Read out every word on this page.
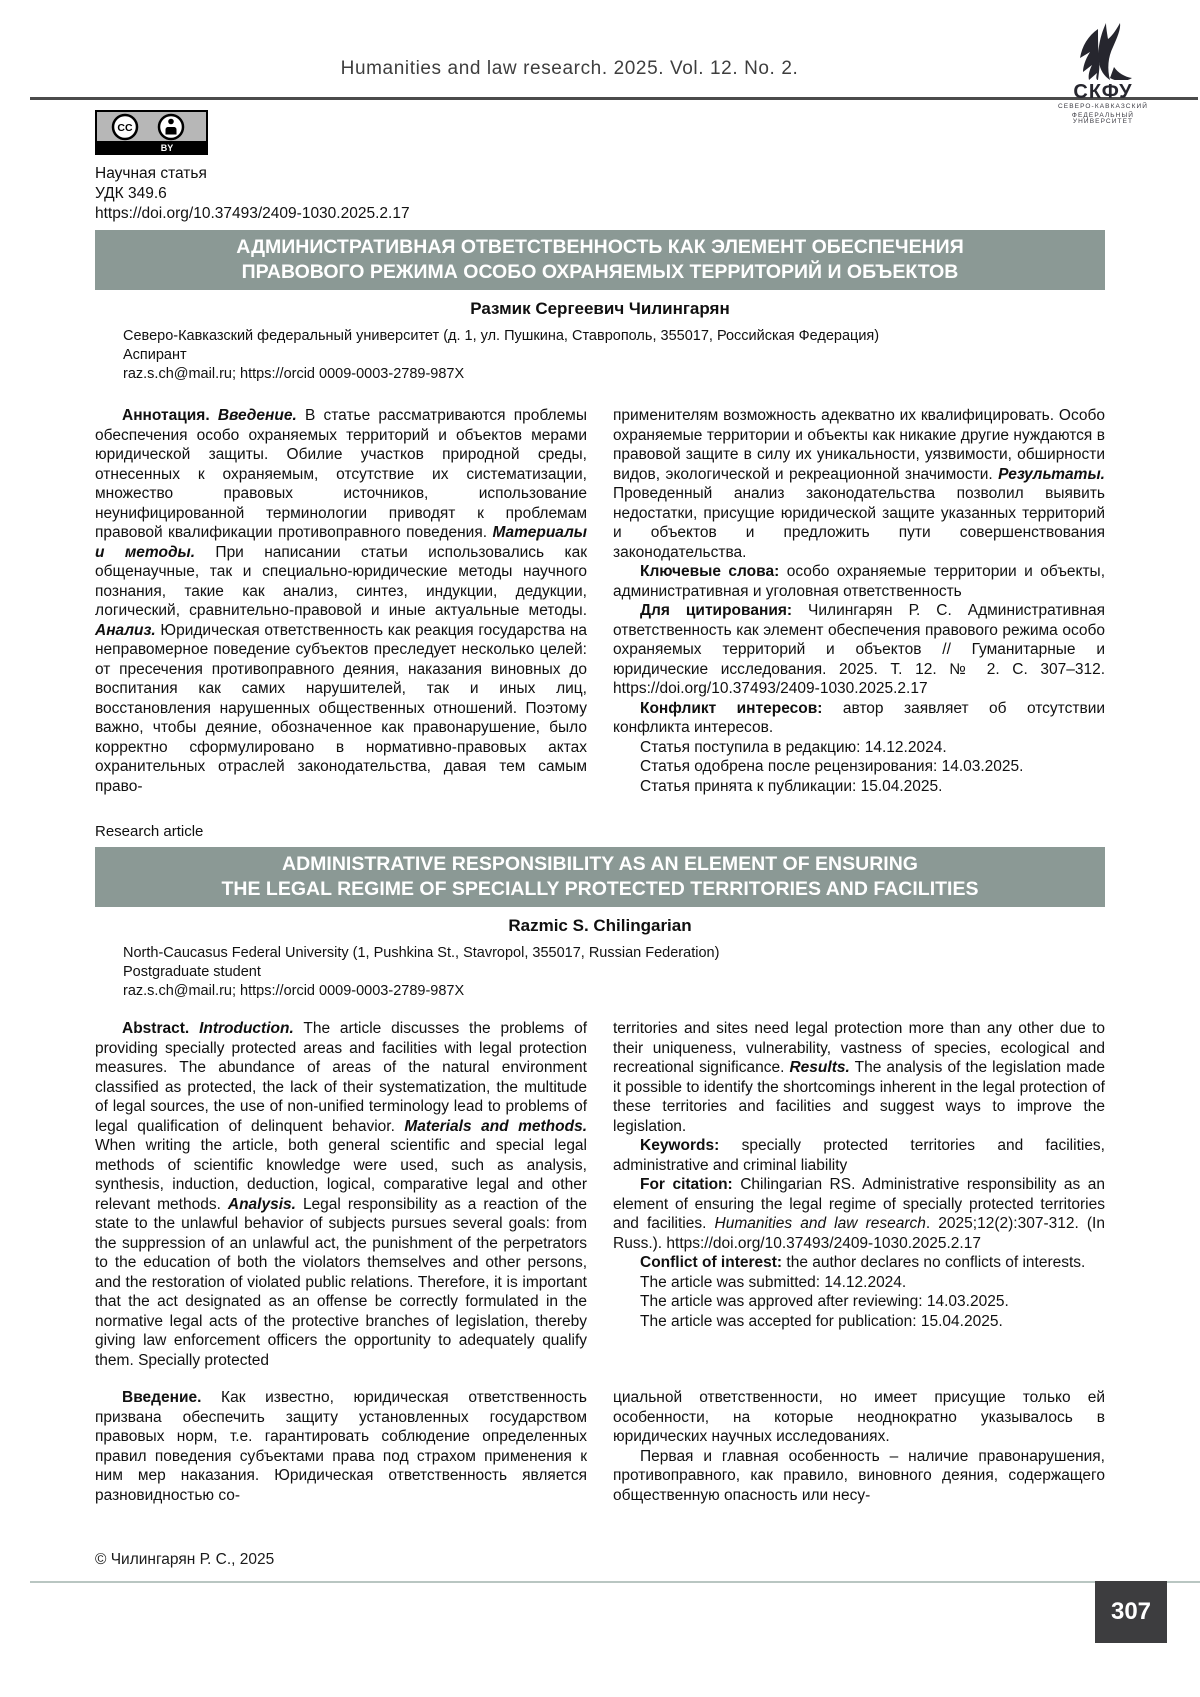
Humanities and law research. 2025. Vol. 12. No. 2.
СКФУ
СЕВЕРО-КАВКАЗСКИЙ
ФЕДЕРАЛЬНЫЙ УНИВЕРСИТЕТ
BY
CC
Научная статья
УДК 349.6
https://doi.org/10.37493/2409-1030.2025.2.17
АДМИНИСТРАТИВНАЯ ОТВЕТСТВЕННОСТЬ КАК ЭЛЕМЕНТ ОБЕСПЕЧЕНИЯ
ПРАВОВОГО РЕЖИМА ОСОБО ОХРАНЯЕМЫХ ТЕРРИТОРИЙ И ОБЪЕКТОВ
Размик Сергеевич Чилингарян
Северо-Кавказский федеральный университет (д. 1, ул. Пушкина, Ставрополь, 355017, Российская Федерация)
Аспирант
raz.s.ch@mail.ru; https://orcid 0009-0003-2789-987X

Аннотация. Введение. В статье рассматриваются проблемы обеспечения особо охраняемых территорий и объектов мерами юридической защиты. Обилие участков природной среды, отнесенных к охраняемым, отсутствие их систематизации, множество правовых источников, использование неунифицированной терминологии приводят к проблемам правовой квалификации противоправного поведения. Материалы и методы. При написании статьи использовались как общенаучные, так и специально-юридические методы научного познания, такие как анализ, синтез, индукции, дедукции, логический, сравнительно-правовой и иные актуальные методы. Анализ. Юридическая ответственность как реакция государства на неправомерное поведение субъектов преследует несколько целей: от пресечения противоправного деяния, наказания виновных до воспитания как самих нарушителей, так и иных лиц, восстановления нарушенных общественных отношений. Поэтому важно, чтобы деяние, обозначенное как правонарушение, было корректно сформулировано в нормативно-правовых актах охранительных отраслей законодательства, давая тем самым право-

применителям возможность адекватно их квалифицировать. Особо охраняемые территории и объекты как никакие другие нуждаются в правовой защите в силу их уникальности, уязвимости, обширности видов, экологической и рекреационной значимости. Результаты. Проведенный анализ законодательства позволил выявить недостатки, присущие юридической защите указанных территорий и объектов и предложить пути совершенствования законодательства.

Ключевые слова: особо охраняемые территории и объекты, административная и уголовная ответственность

Для цитирования: Чилингарян Р. С. Административная ответственность как элемент обеспечения правового режима особо охраняемых территорий и объектов // Гуманитарные и юридические исследования. 2025. Т. 12. № 2. С. 307–312. https://doi.org/10.37493/2409-1030.2025.2.17

Конфликт интересов: автор заявляет об отсутствии конфликта интересов.

Статья поступила в редакцию: 14.12.2024.

Статья одобрена после рецензирования: 14.03.2025.

Статья принята к публикации: 15.04.2025.

Research article
ADMINISTRATIVE RESPONSIBILITY AS AN ELEMENT OF ENSURING
THE LEGAL REGIME OF SPECIALLY PROTECTED TERRITORIES AND FACILITIES
Razmic S. Chilingarian
North-Caucasus Federal University (1, Pushkina St., Stavropol, 355017, Russian Federation)
Postgraduate student
raz.s.ch@mail.ru; https://orcid 0009-0003-2789-987X

Abstract. Introduction. The article discusses the problems of providing specially protected areas and facilities with legal protection measures. The abundance of areas of the natural environment classified as protected, the lack of their systematization, the multitude of legal sources, the use of non-unified terminology lead to problems of legal qualification of delinquent behavior. Materials and methods. When writing the article, both general scientific and special legal methods of scientific knowledge were used, such as analysis, synthesis, induction, deduction, logical, comparative legal and other relevant methods. Analysis. Legal responsibility as a reaction of the state to the unlawful behavior of subjects pursues several goals: from the suppression of an unlawful act, the punishment of the perpetrators to the education of both the violators themselves and other persons, and the restoration of violated public relations. Therefore, it is important that the act designated as an offense be correctly formulated in the normative legal acts of the protective branches of legislation, thereby giving law enforcement officers the opportunity to adequately qualify them. Specially protected

territories and sites need legal protection more than any other due to their uniqueness, vulnerability, vastness of species, ecological and recreational significance. Results. The analysis of the legislation made it possible to identify the shortcomings inherent in the legal protection of these territories and facilities and suggest ways to improve the legislation.

Keywords: specially protected territories and facilities, administrative and criminal liability

For citation: Chilingarian RS. Administrative responsibility as an element of ensuring the legal regime of specially protected territories and facilities. Humanities and law research. 2025;12(2):307-312. (In Russ.). https://doi.org/10.37493/2409-1030.2025.2.17

Conflict of interest: the author declares no conflicts of interests.

The article was submitted: 14.12.2024.

The article was approved after reviewing: 14.03.2025.

The article was accepted for publication: 15.04.2025.

Введение. Как известно, юридическая ответственность призвана обеспечить защиту установленных государством правовых норм, т.е. гарантировать соблюдение определенных правил поведения субъектами права под страхом применения к ним мер наказания. Юридическая ответственность является разновидностью со-

циальной ответственности, но имеет присущие только ей особенности, на которые неоднократно указывалось в юридических научных исследованиях.

Первая и главная особенность – наличие правонарушения, противоправного, как правило, виновного деяния, содержащего общественную опасность или несу-

© Чилингарян Р. С., 2025
307
